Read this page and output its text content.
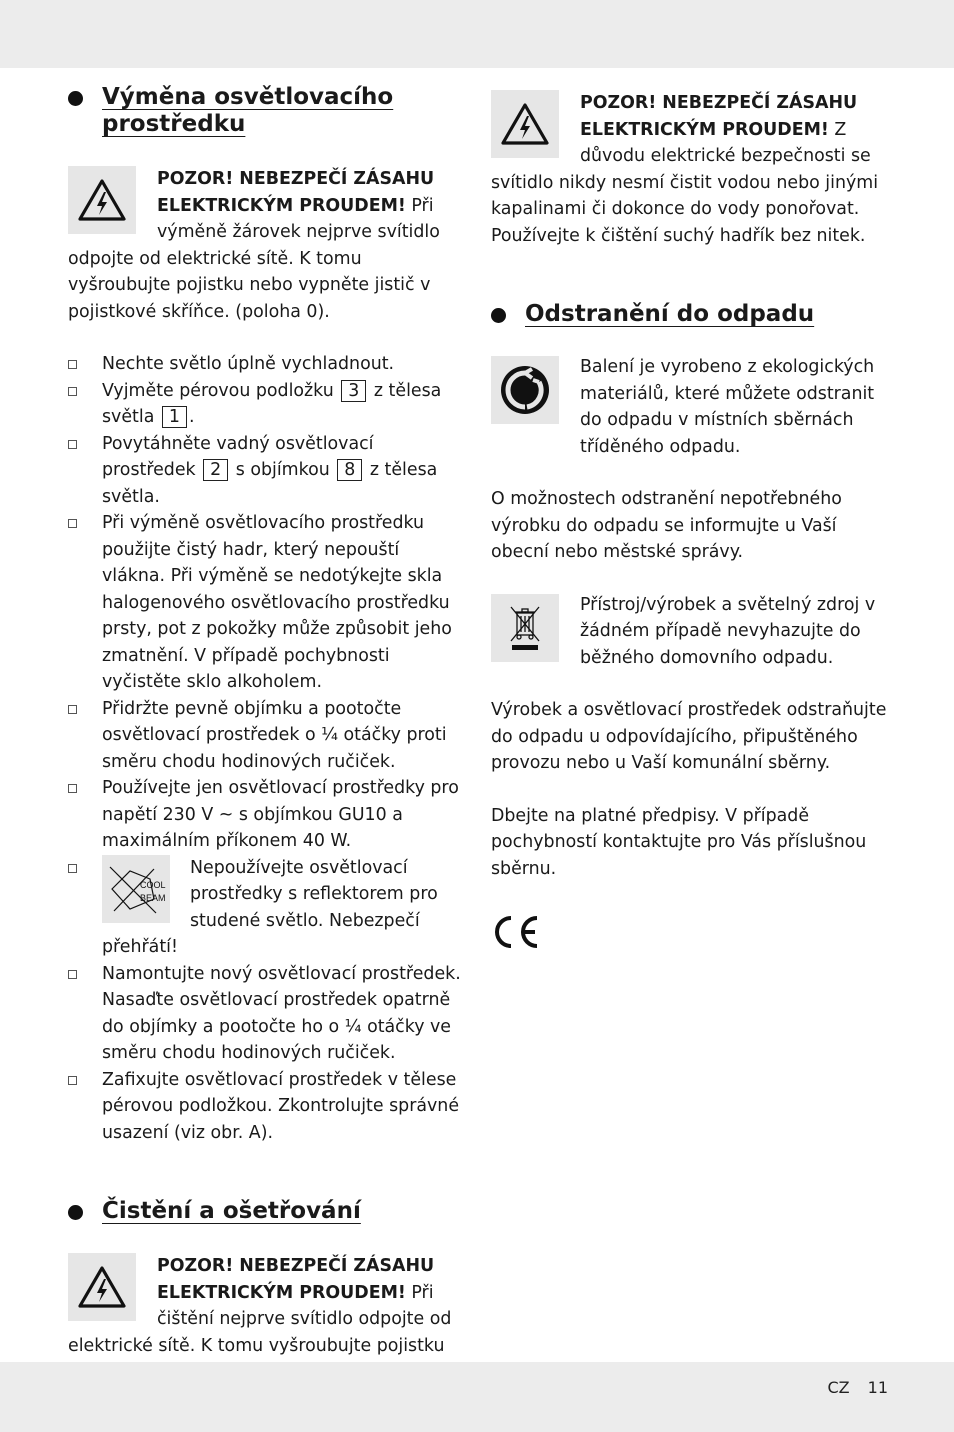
Výměna osvětlovacího prostředku

POZOR! NEBEZPEČÍ ZÁSAHU ELEKTRICKÝM PROUDEM! Při výměně žárovek nejprve svítidlo odpojte od elektrické sítě. K tomu vyšroubujte pojistku nebo vypněte jistič v pojistkové skříňce. (poloha 0).

Nechte světlo úplně vychladnout.
Vyjměte pérovou podložku 3 z tělesa světla 1 .
Povytáhněte vadný osvětlovací prostředek 2 s objímkou 8 z tělesa světla.
Při výměně osvětlovacího prostředku použijte čistý hadr, který nepouští vlákna. Při výměně se nedotýkejte skla halogenového osvětlovacího prostředku prsty, pot z pokožky může způsobit jeho zmatnění. V případě pochybnosti vyčistěte sklo alkoholem.
Přidržte pevně objímku a pootočte osvětlovací prostředek o ¼ otáčky proti směru chodu hodinových ručiček.
Používejte jen osvětlovací prostředky pro napětí 230 V ~ s objímkou GU10 a maximálním příkonem 40 W.
COOL
BEAM
Nepoužívejte osvětlovací prostředky s reflektorem pro studené světlo. Nebezpečí přehřátí!
Namontujte nový osvětlovací prostředek. Nasaďte osvětlovací prostředek opatrně do objímky a pootočte ho o ¼ otáčky ve směru chodu hodinových ručiček.
Zafixujte osvětlovací prostředek v tělese pérovou podložkou. Zkontrolujte správné usazení (viz obr. A).
Čistění a ošetřování

POZOR! NEBEZPEČÍ ZÁSAHU ELEKTRICKÝM PROUDEM! Při čištění nejprve svítidlo odpojte od elektrické sítě. K tomu vyšroubujte pojistku

POZOR! NEBEZPEČÍ ZÁSAHU ELEKTRICKÝM PROUDEM! Z důvodu elektrické bezpečnosti se svítidlo nikdy nesmí čistit vodou nebo jinými kapalinami či dokonce do vody ponořovat. Používejte k čištění suchý hadřík bez nitek.

Odstranění do odpadu

Balení je vyrobeno z ekologických materiálů, které můžete odstranit do odpadu v místních sběrnách tříděného odpadu.

O možnostech odstranění nepotřebného výrobku do odpadu se informujte u Vaší obecní nebo městské správy.

Přístroj/výrobek a světelný zdroj v žádném případě nevyhazujte do běžného domovního odpadu.

Výrobek a osvětlovací prostředek odstraňujte do odpadu u odpovídajícího, připuštěného provozu nebo u Vaší komunální sběrny.

Dbejte na platné předpisy. V případě pochybností kontaktujte pro Vás příslušnou sběrnu.

CZ 11
